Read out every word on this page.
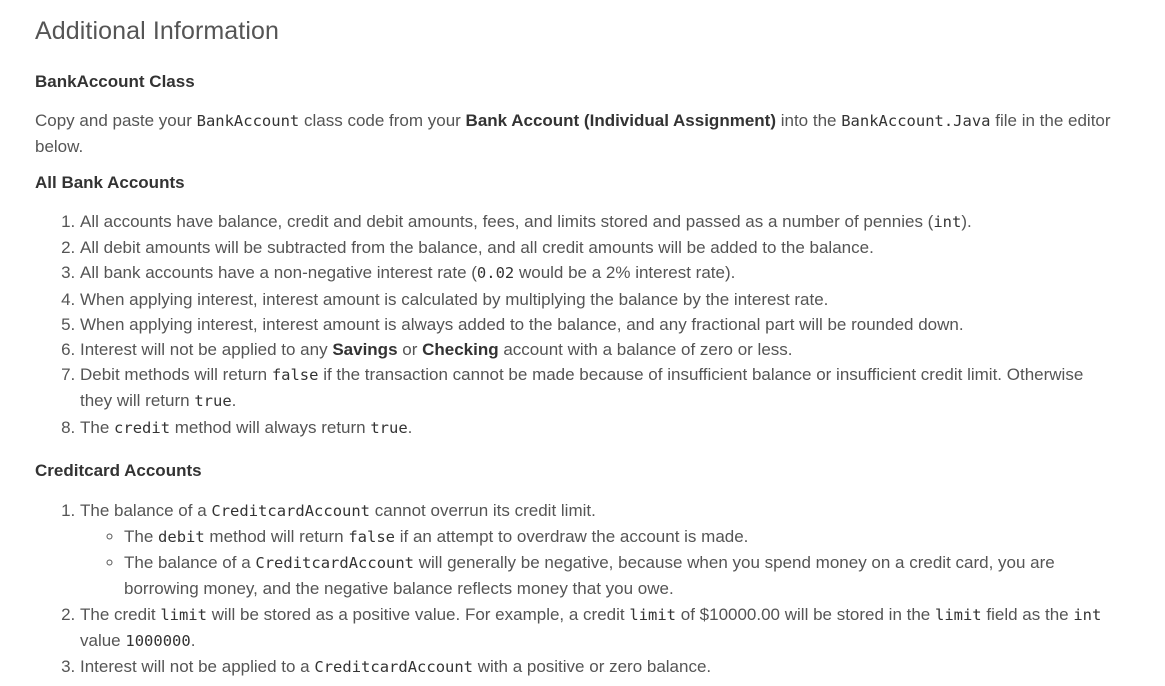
Additional Information
BankAccount Class

Copy and paste your BankAccount class code from your Bank Account (Individual Assignment) into the BankAccount.Java file in the editor below.

All Bank Accounts
1. All accounts have balance, credit and debit amounts, fees, and limits stored and passed as a number of pennies (int).
2. All debit amounts will be subtracted from the balance, and all credit amounts will be added to the balance.
3. All bank accounts have a non-negative interest rate (0.02 would be a 2% interest rate).
4. When applying interest, interest amount is calculated by multiplying the balance by the interest rate.
5. When applying interest, interest amount is always added to the balance, and any fractional part will be rounded down.
6. Interest will not be applied to any Savings or Checking account with a balance of zero or less.
7. Debit methods will return false if the transaction cannot be made because of insufficient balance or insufficient credit limit. Otherwise they will return true.
8. The credit method will always return true.
Creditcard Accounts
1. The balance of a CreditcardAccount cannot overrun its credit limit.
◦ The debit method will return false if an attempt to overdraw the account is made.
◦ The balance of a CreditcardAccount will generally be negative, because when you spend money on a credit card, you are borrowing money, and the negative balance reflects money that you owe.
2. The credit limit will be stored as a positive value. For example, a credit limit of $10000.00 will be stored in the limit field as the int value 1000000.
3. Interest will not be applied to a CreditcardAccount with a positive or zero balance.
